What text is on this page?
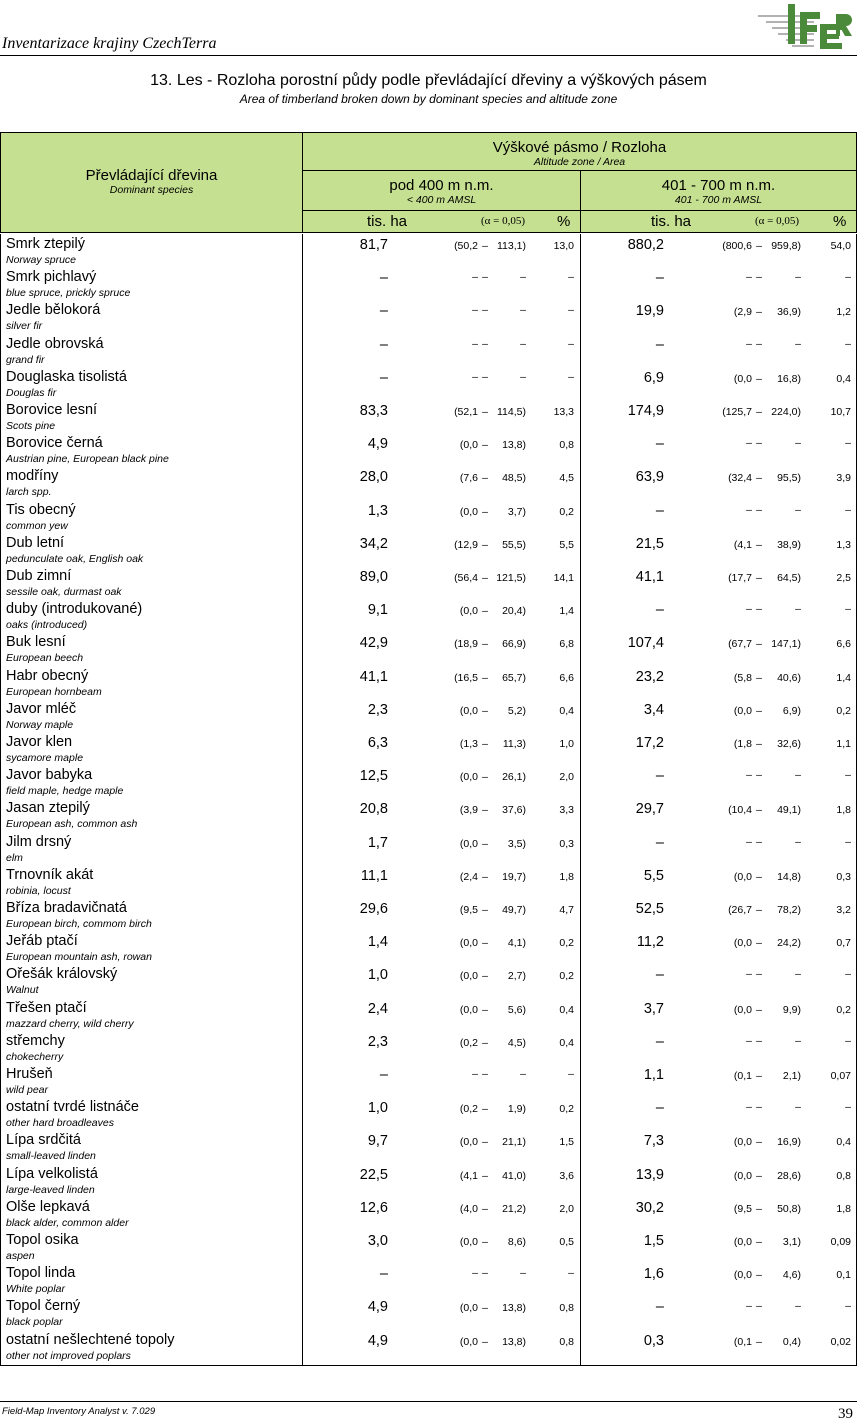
Inventarizace krajiny CzechTerra
13. Les - Rozloha porostní půdy podle převládající dřeviny a výškových pásem
Area of timberland broken down by dominant species and altitude zone
Převládající dřevina
Dominant species
Výškové pásmo / Rozloha
Altitude zone / Area
pod 400 m n.m.
< 400 m AMSL
401 - 700 m n.m.
401 - 700 m AMSL
tis. ha	(α = 0,05) %	tis. ha	(α = 0,05) %
Smrk ztepilý
Norway spruce
81,7	(50,2 – 113,1)	13,0	880,2	(800,6 – 959,8)	54,0
Smrk pichlavý
blue spruce, prickly spruce
–	– –	–	–	–	– –	–	–
Jedle bělokorá
silver fir
–	– –	–	–	19,9	(2,9 –	36,9)	1,2
Jedle obrovská
grand fir
–	– –	–	–	–	– –	–	–
Douglaska tisolistá
Douglas fir
–	– –	–	–	6,9	(0,0 –	16,8)	0,4
Borovice lesní
Scots pine
83,3	(52,1 – 114,5)	13,3	174,9	(125,7 – 224,0)	10,7
Borovice černá
Austrian pine, European black pine
4,9	(0,0 –	13,8)	0,8	–	– –	–	–
modříny
larch spp.
28,0	(7,6 –	48,5)	4,5	63,9	(32,4 –	95,5)	3,9
Tis obecný
common yew
1,3	(0,0 –	3,7)	0,2	–	– –	–	–
Dub letní
pedunculate oak, English oak
34,2	(12,9 –	55,5)	5,5	21,5	(4,1 –	38,9)	1,3
Dub zimní
sessile oak, durmast oak
89,0	(56,4 – 121,5)	14,1	41,1	(17,7 –	64,5)	2,5
duby (introdukované)
oaks (introduced)
9,1	(0,0 –	20,4)	1,4	–	– –	–	–
Buk lesní
European beech
42,9	(18,9 –	66,9)	6,8	107,4	(67,7 – 147,1)	6,6
Habr obecný
European hornbeam
41,1	(16,5 –	65,7)	6,6	23,2	(5,8 –	40,6)	1,4
Javor mléč
Norway maple
2,3	(0,0 –	5,2)	0,4	3,4	(0,0 –	6,9)	0,2
Javor klen
sycamore maple
6,3	(1,3 –	11,3)	1,0	17,2	(1,8 –	32,6)	1,1
Javor babyka
field maple, hedge maple
12,5	(0,0 –	26,1)	2,0	–	– –	–	–
Jasan ztepilý
European ash, common ash
20,8	(3,9 –	37,6)	3,3	29,7	(10,4 –	49,1)	1,8
Jilm drsný
elm
1,7	(0,0 –	3,5)	0,3	–	– –	–	–
Trnovník akát
robinia, locust
11,1	(2,4 –	19,7)	1,8	5,5	(0,0 –	14,8)	0,3
Bříza bradavičnatá
European birch, commom birch
29,6	(9,5 –	49,7)	4,7	52,5	(26,7 –	78,2)	3,2
Jeřáb ptačí
European mountain ash, rowan
1,4	(0,0 –	4,1)	0,2	11,2	(0,0 –	24,2)	0,7
Ořešák královský
Walnut
1,0	(0,0 –	2,7)	0,2	–	– –	–	–
Třešen ptačí
mazzard cherry, wild cherry
2,4	(0,0 –	5,6)	0,4	3,7	(0,0 –	9,9)	0,2
střemchy
chokecherry
2,3	(0,2 –	4,5)	0,4	–	– –	–	–
Hrušeň
wild pear
–	– –	–	–	1,1	(0,1 –	2,1)	0,07
ostatní tvrdé listnáče
other hard broadleaves
1,0	(0,2 –	1,9)	0,2	–	– –	–	–
Lípa srdčitá
small-leaved linden
9,7	(0,0 –	21,1)	1,5	7,3	(0,0 –	16,9)	0,4
Lípa velkolistá
large-leaved linden
22,5	(4,1 –	41,0)	3,6	13,9	(0,0 –	28,6)	0,8
Olše lepkavá
black alder, common alder
12,6	(4,0 –	21,2)	2,0	30,2	(9,5 –	50,8)	1,8
Topol osika
aspen
3,0	(0,0 –	8,6)	0,5	1,5	(0,0 –	3,1)	0,09
Topol linda
White poplar
–	– –	–	–	1,6	(0,0 –	4,6)	0,1
Topol černý
black poplar
4,9	(0,0 –	13,8)	0,8	–	– –	–	–
ostatní nešlechtené topoly
other not improved poplars
4,9	(0,0 –	13,8)	0,8	0,3	(0,1 –	0,4)	0,02
Field-Map Inventory Analyst v. 7.029	39
